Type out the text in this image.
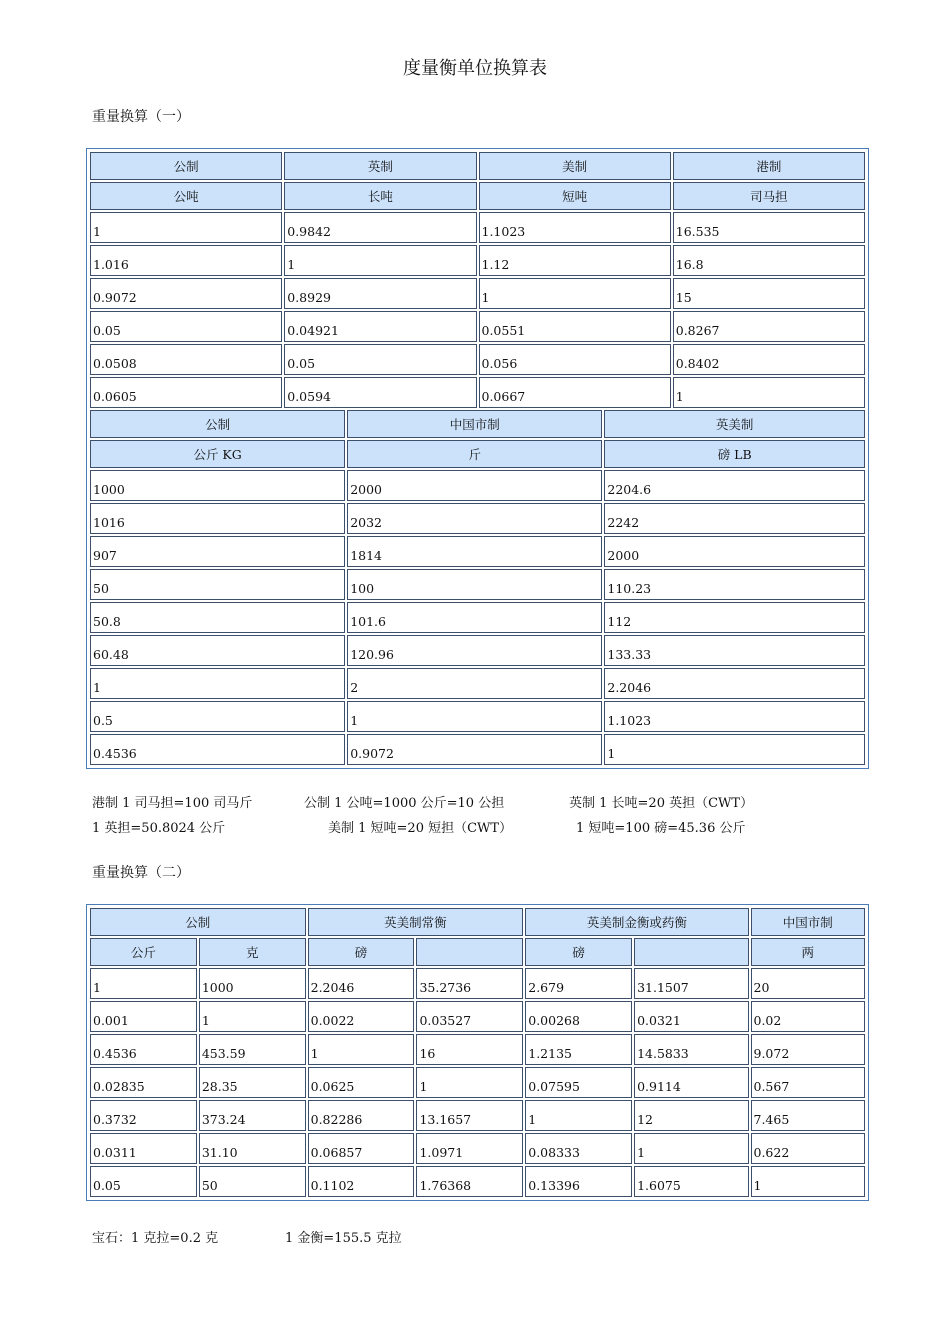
度量衡单位换算表
重量换算（一）
公制	英制	美制	港制
公吨	长吨	短吨	司马担
1	0.9842	1.1023	16.535
1.016	1	1.12	16.8
0.9072	0.8929	1	15
0.05	0.04921	0.0551	0.8267
0.0508	0.05	0.056	0.8402
0.0605	0.0594	0.0667	1
公制	中国市制	英美制
公斤 KG	斤	磅 LB
1000	2000	2204.6
1016	2032	2242
907	1814	2000
50	100	110.23
50.8	101.6	112
60.48	120.96	133.33
1	2	2.2046
0.5	1	1.1023
0.4536	0.9072	1
港制 1 司马担=100 司马斤	公制 1 公吨=1000 公斤=10 公担	英制 1 长吨=20 英担（CWT）
1 英担=50.8024 公斤	美制 1 短吨=20 短担（CWT）	1 短吨=100 磅=45.36 公斤
重量换算（二）
公制		英美制常衡		英美制金衡或药衡		中国市制
公斤	克	磅		磅		两
1	1000	2.2046	35.2736	2.679	31.1507	20
0.001	1	0.0022	0.03527	0.00268	0.0321	0.02
0.4536	453.59	1	16	1.2135	14.5833	9.072
0.02835	28.35	0.0625	1	0.07595	0.9114	0.567
0.3732	373.24	0.82286	13.1657	1	12	7.465
0.0311	31.10	0.06857	1.0971	0.08333	1	0.622
0.05	50	0.1102	1.76368	0.13396	1.6075	1
宝石：1 克拉=0.2 克	1 金衡=155.5 克拉
